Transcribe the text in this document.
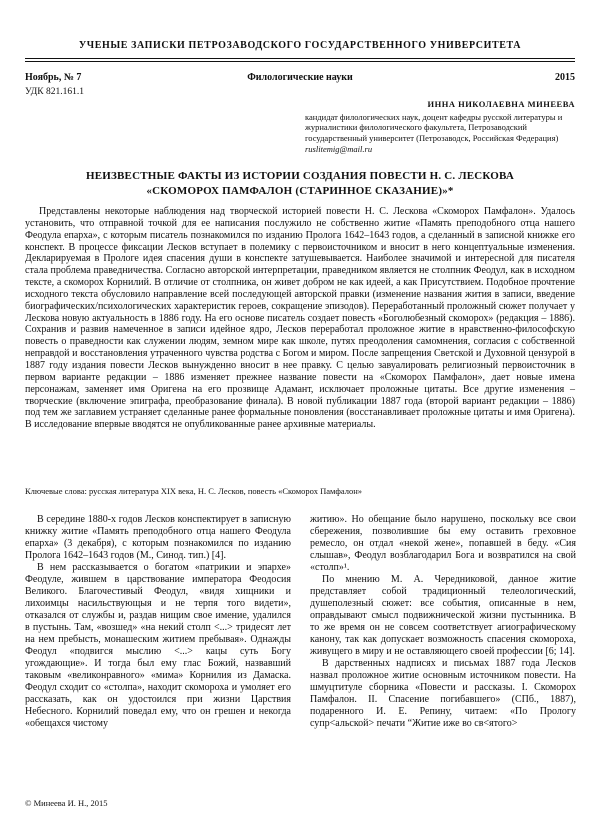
УЧЕНЫЕ ЗАПИСКИ ПЕТРОЗАВОДСКОГО ГОСУДАРСТВЕННОГО УНИВЕРСИТЕТА
Ноябрь, № 7	Филологические науки	2015
УДК 821.161.1
ИННА НИКОЛАЕВНА МИНЕЕВА
кандидат филологических наук, доцент кафедры русской литературы и журналистики филологического факультета, Петрозаводский государственный университет (Петрозаводск, Российская Федерация)
ruslitemig@mail.ru
НЕИЗВЕСТНЫЕ ФАКТЫ ИЗ ИСТОРИИ СОЗДАНИЯ ПОВЕСТИ Н. С. ЛЕСКОВА
«СКОМОРОХ ПАМФАЛОН (СТАРИННОЕ СКАЗАНИЕ)»*

Представлены некоторые наблюдения над творческой историей повести Н. С. Лескова «Скоморох Памфалон». Удалось установить, что отправной точкой для ее написания послужило не собственно житие «Память преподобного отца нашего Феодула епарха», с которым писатель познакомился по изданию Пролога 1642–1643 годов, а сделанный в записной книжке его конспект. В процессе фиксации Лесков вступает в полемику с первоисточником и вносит в него концептуальные изменения. Декларируемая в Прологе идея спасения души в конспекте затушевывается. Наиболее значимой и интересной для писателя стала проблема праведничества. Согласно авторской интерпретации, праведником является не столпник Феодул, как в исходном тексте, а скоморох Корнилий. В отличие от столпника, он живет добром не как идеей, а как Присутствием. Подобное прочтение исходного текста обусловило направление всей последующей авторской правки (изменение названия жития в записи, введение биографических/психологических характеристик героев, сокращение эпизодов). Переработанный проложный сюжет получает у Лескова новую актуальность в 1886 году. На его основе писатель создает повесть «Боголюбезный скоморох» (редакция – 1886). Сохранив и развив намеченное в записи идейное ядро, Лесков переработал проложное житие в нравственно-философскую повесть о праведности как служении людям, земном мире как школе, путях преодоления самомнения, согласия с собственной неправдой и восстановления утраченного чувства родства с Богом и миром. После запрещения Светской и Духовной цензурой в 1887 году издания повести Лесков вынужденно вносит в нее правку. С целью завуалировать религиозный первоисточник в первом варианте редакции – 1886 изменяет прежнее название повести на «Скоморох Памфалон», дает новые имена персонажам, заменяет имя Оригена на его прозвище Адамант, исключает проложные цитаты. Все другие изменения – творческие (включение эпиграфа, преобразование финала). В новой публикации 1887 года (второй вариант редакции – 1886) под тем же заглавием устраняет сделанные ранее формальные поновления (восстанавливает проложные цитаты и имя Оригена). В исследование впервые вводятся не опубликованные ранее архивные материалы.

Ключевые слова: русская литература XIX века, Н. С. Лесков, повесть «Скоморох Памфалон»

В середине 1880-х годов Лесков конспектирует в записную книжку житие «Память преподобного отца нашего Феодула епарха» (3 декабря), с которым познакомился по изданию Пролога 1642–1643 годов (М., Синод. тип.) [4].

В нем рассказывается о богатом «патрикии и эпархе» Феодуле, жившем в царствование императора Феодосия Великого. Благочестивый Феодул, «видя хищники и лихоимцы насильствующыя и не терпя того видети», отказался от службы и, раздав нищим свое имение, удалился в пустынь. Там, «возшед» «на некий столп <...> тридесят лет на нем пребысть, монашеским житием пребывая». Однажды Феодул «подвигся мыслию <...> кацы суть Богу угождающие». И тогда был ему глас Божий, назвавший таковым «великонравного» «мима» Корнилия из Дамаска. Феодул сходит со «столпа», находит скомороха и умоляет его рассказать, как он удостоился при жизни Царствия Небесного. Корнилий поведал ему, что он грешен и некогда «обещахся чистому

житию». Но обещание было нарушено, поскольку все свои сбережения, позволившие бы ему оставить греховное ремесло, он отдал «некой жене», попавшей в беду. «Сия слышав», Феодул возблагодарил Бога и возвратился на свой «столп»¹.

По мнению М. А. Чередниковой, данное житие представляет собой традиционный телеологический, душеполезный сюжет: все события, описанные в нем, оправдывают смысл подвижнической жизни пустынника. В то же время он не совсем соответствует агиографическому канону, так как допускает возможность спасения скомороха, живущего в миру и не оставляющего своей профессии [6; 14].

В дарственных надписях и письмах 1887 года Лесков назвал проложное житие основным источником повести. На шмуцтитуле сборника «Повести и рассказы. I. Скоморох Памфалон. II. Спасение погибавшего» (СПб., 1887), подаренного И. Е. Репину, читаем: «По Прологу супр<альской> печати “Житие иже во св<ятого>

© Минеева И. Н., 2015
